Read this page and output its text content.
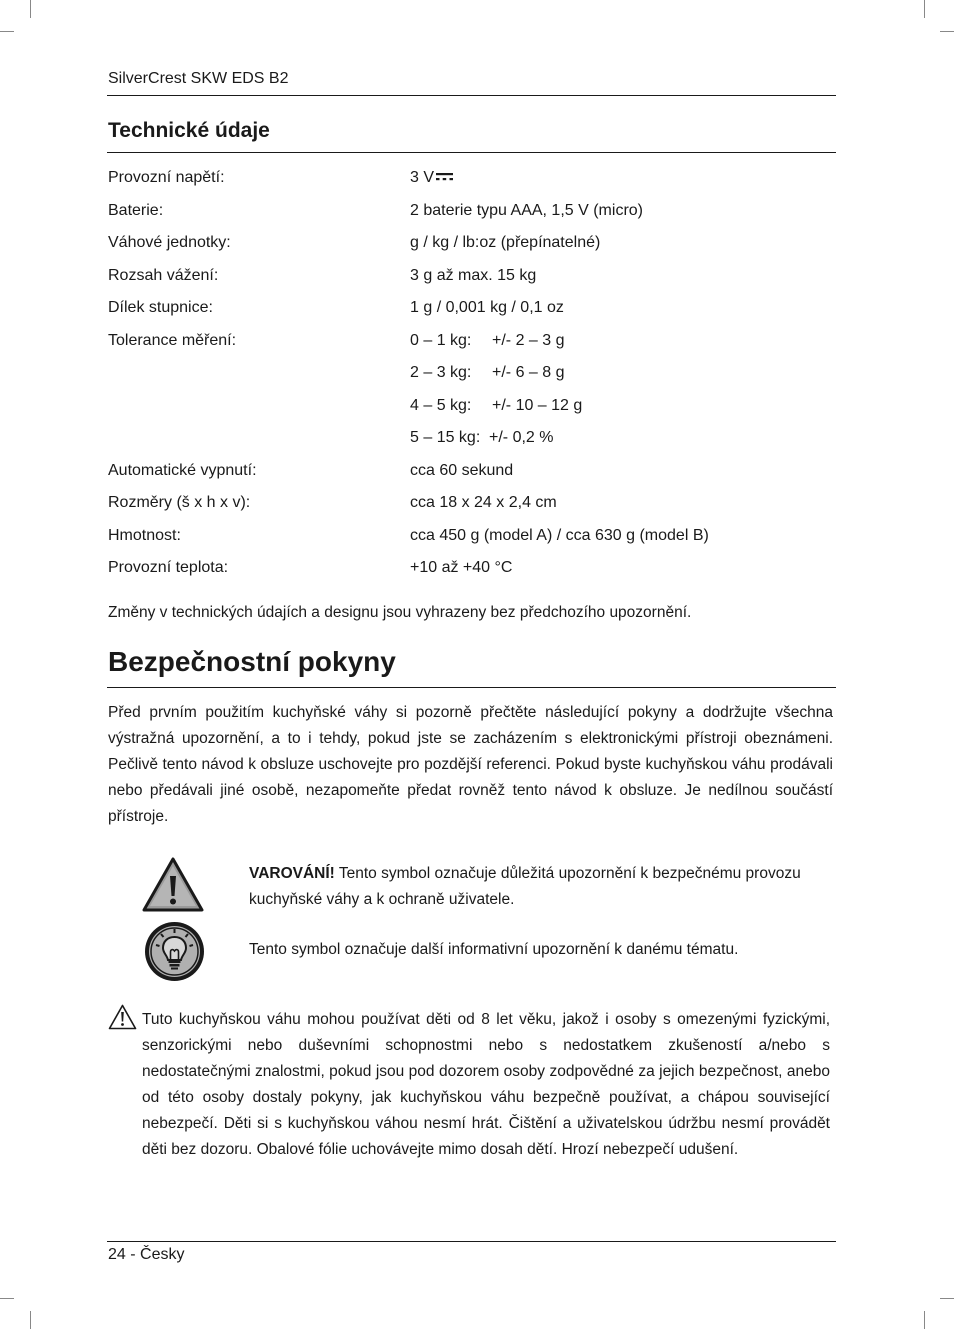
SilverCrest SKW EDS B2
Technické údaje
Provozní napětí:	3 V
Baterie:	2 baterie typu AAA, 1,5 V (micro)
Váhové jednotky:	g / kg / lb:oz (přepínatelné)
Rozsah vážení:	3 g až max. 15 kg
Dílek stupnice:	1 g / 0,001 kg / 0,1 oz
Tolerance měření:	0 – 1 kg: +/- 2 – 3 g
2 – 3 kg: +/- 6 – 8 g
4 – 5 kg: +/- 10 – 12 g
5 – 15 kg: +/- 0,2 %
Automatické vypnutí:	cca 60 sekund
Rozměry (š x h x v):	cca 18 x 24 x 2,4 cm
Hmotnost:	cca 450 g (model A) / cca 630 g (model B)
Provozní teplota:	+10 až +40 °C
Změny v technických údajích a designu jsou vyhrazeny bez předchozího upozornění.
Bezpečnostní pokyny
Před prvním použitím kuchyňské váhy si pozorně přečtěte následující pokyny a dodržujte všechna výstražná upozornění, a to i tehdy, pokud jste se zacházením s elektronickými přístroji obeznámeni. Pečlivě tento návod k obsluze uschovejte pro pozdější referenci. Pokud byste kuchyňskou váhu prodávali nebo předávali jiné osobě, nezapomeňte předat rovněž tento návod k obsluze. Je nedílnou součástí přístroje.
VAROVÁNÍ! Tento symbol označuje důležitá upozornění k bezpečnému provozu kuchyňské váhy a k ochraně uživatele.
Tento symbol označuje další informativní upozornění k danému tématu.
Tuto kuchyňskou váhu mohou používat děti od 8 let věku, jakož i osoby s omezenými fyzickými, senzorickými nebo duševními schopnostmi nebo s nedostatkem zkušeností a/nebo s nedostatečnými znalostmi, pokud jsou pod dozorem osoby zodpovědné za jejich bezpečnost, anebo od této osoby dostaly pokyny, jak kuchyňskou váhu bezpečně používat, a chápou související nebezpečí. Děti si s kuchyňskou váhou nesmí hrát. Čištění a uživatelskou údržbu nesmí provádět děti bez dozoru. Obalové fólie uchovávejte mimo dosah dětí. Hrozí nebezpečí udušení.
24 - Česky
